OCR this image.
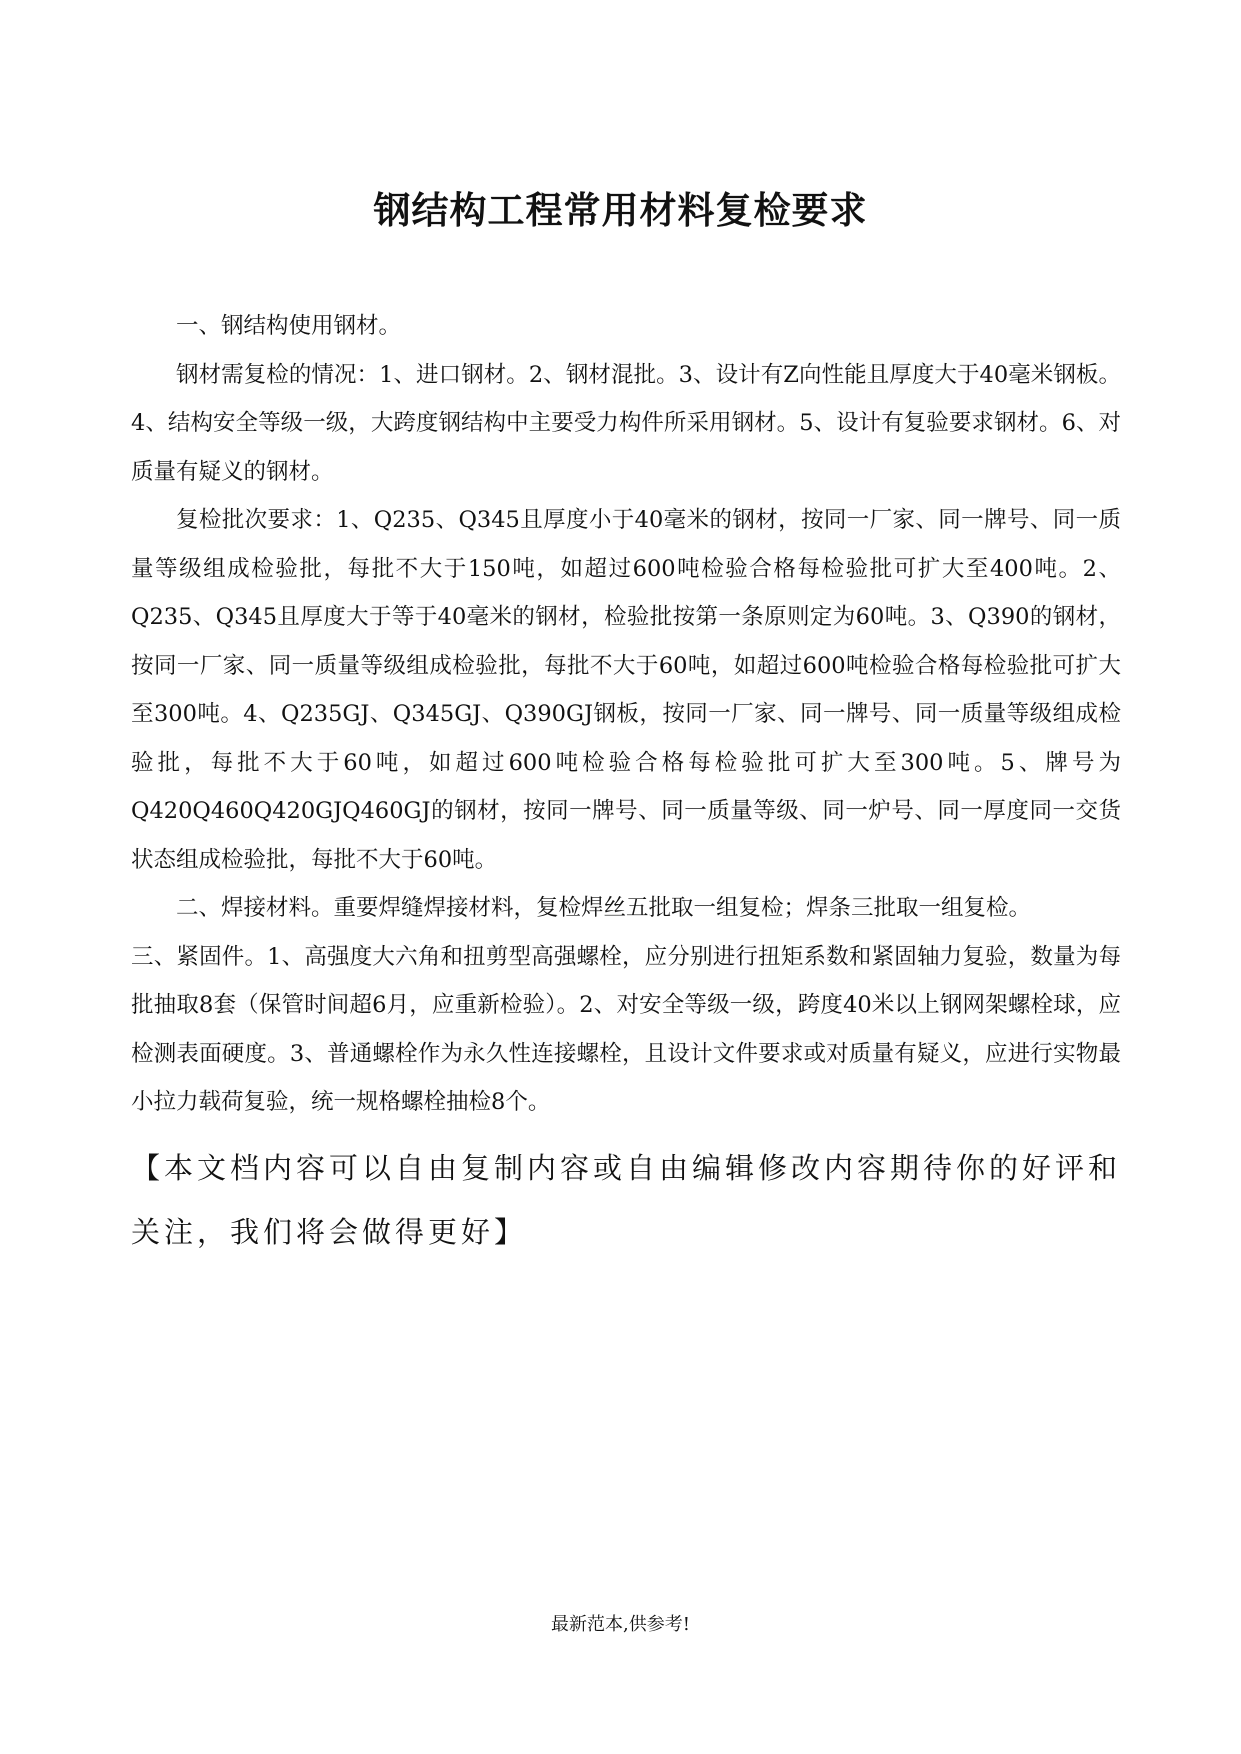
钢结构工程常用材料复检要求

一、钢结构使用钢材。

钢材需复检的情况：1、进口钢材。2、钢材混批。3、设计有Z向性能且厚度大于40毫米钢板。4、结构安全等级一级，大跨度钢结构中主要受力构件所采用钢材。5、设计有复验要求钢材。6、对质量有疑义的钢材。

复检批次要求：1、Q235、Q345且厚度小于40毫米的钢材，按同一厂家、同一牌号、同一质量等级组成检验批，每批不大于150吨，如超过600吨检验合格每检验批可扩大至400吨。2、Q235、Q345且厚度大于等于40毫米的钢材，检验批按第一条原则定为60吨。3、Q390的钢材，按同一厂家、同一质量等级组成检验批，每批不大于60吨，如超过600吨检验合格每检验批可扩大至300吨。4、Q235GJ、Q345GJ、Q390GJ钢板，按同一厂家、同一牌号、同一质量等级组成检验批，每批不大于60吨，如超过600吨检验合格每检验批可扩大至300吨。5、牌号为Q420Q460Q420GJQ460GJ的钢材，按同一牌号、同一质量等级、同一炉号、同一厚度同一交货状态组成检验批，每批不大于60吨。

二、焊接材料。重要焊缝焊接材料，复检焊丝五批取一组复检；焊条三批取一组复检。

三、紧固件。1、高强度大六角和扭剪型高强螺栓，应分别进行扭矩系数和紧固轴力复验，数量为每批抽取8套（保管时间超6月，应重新检验）。2、对安全等级一级，跨度40米以上钢网架螺栓球，应检测表面硬度。3、普通螺栓作为永久性连接螺栓，且设计文件要求或对质量有疑义，应进行实物最小拉力载荷复验，统一规格螺栓抽检8个。

【本文档内容可以自由复制内容或自由编辑修改内容期待你的好评和关注，我们将会做得更好】

最新范本,供参考!
